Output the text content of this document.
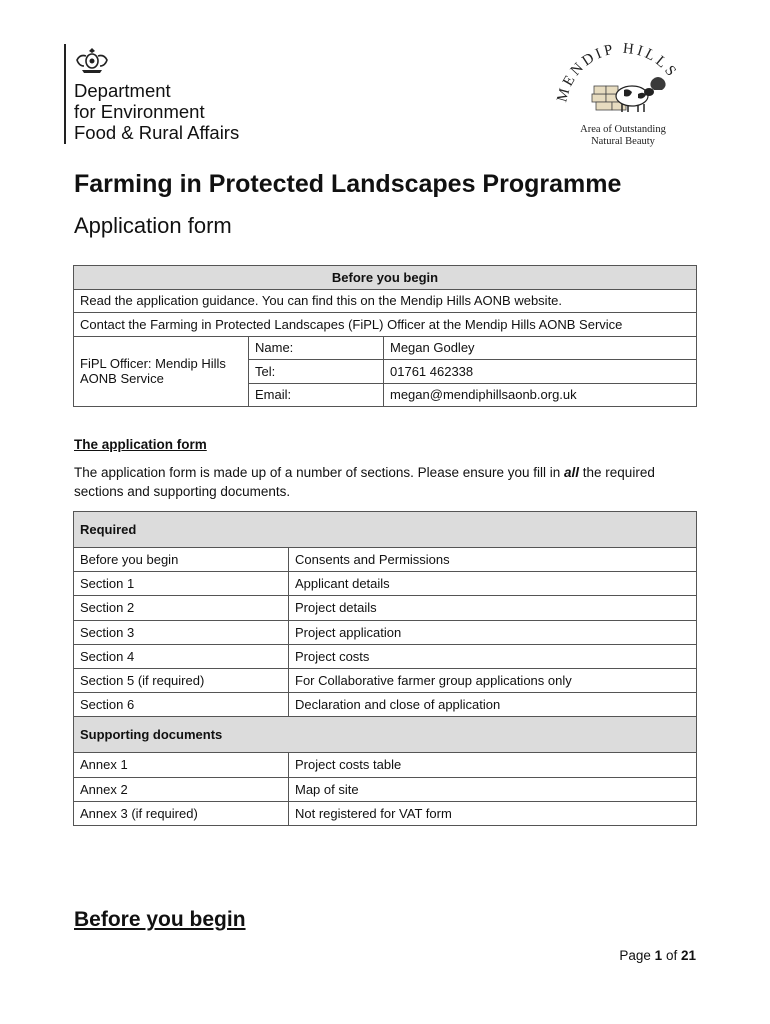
Department
for Environment
Food & Rural Affairs
MENDIP HILLS
Area of Outstanding
Natural Beauty
Farming in Protected Landscapes Programme
Application form
Before you begin		
Read the application guidance. You can find this on the Mendip Hills AONB website.		
Contact the Farming in Protected Landscapes (FiPL) Officer at the Mendip Hills AONB Service		
FiPL Officer: Mendip Hills AONB Service	Name:	Megan Godley
	Tel:	01761 462338
	Email:	megan@mendiphillsaonb.org.uk
The application form
The application form is made up of a number of sections. Please ensure you fill in all the required sections and supporting documents.
Required	
Before you begin	Consents and Permissions
Section 1	Applicant details
Section 2	Project details
Section 3	Project application
Section 4	Project costs
Section 5 (if required)	For Collaborative farmer group applications only
Section 6	Declaration and close of application
Supporting documents	
Annex 1	Project costs table
Annex 2	Map of site
Annex 3 (if required)	Not registered for VAT form
Before you begin
Page 1 of 21
